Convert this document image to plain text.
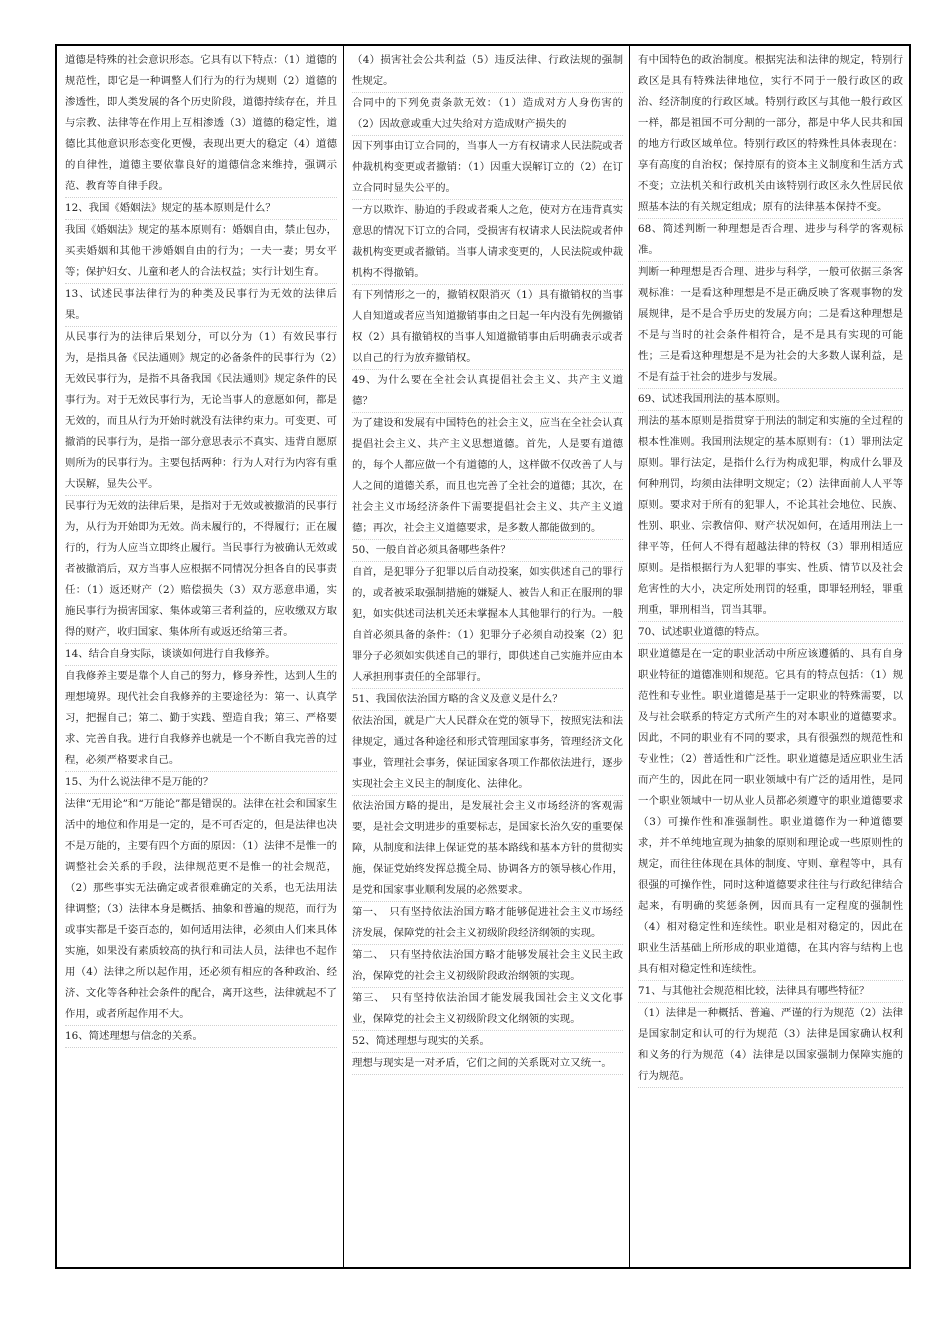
道德是特殊的社会意识形态。它具有以下特点：（1）道德的规范性，即它是一种调整人们行为的行为规则（2）道德的渗透性，即人类发展的各个历史阶段，道德持续存在，并且与宗教、法律等在作用上互相渗透（3）道德的稳定性，道德比其他意识形态变化更慢，表现出更大的稳定（4）道德的自律性，道德主要依靠良好的道德信念来维持，强调示范、教育等自律手段。

12、我国《婚姻法》规定的基本原则是什么？

我国《婚姻法》规定的基本原则有：婚姻自由，禁止包办，买卖婚姻和其他干涉婚姻自由的行为；一夫一妻；男女平等；保护妇女、儿童和老人的合法权益；实行计划生育。

13、试述民事法律行为的种类及民事行为无效的法律后果。

从民事行为的法律后果划分，可以分为（1）有效民事行为，是指具备《民法通则》规定的必备条件的民事行为（2）无效民事行为，是指不具备我国《民法通则》规定条件的民事行为。对于无效民事行为，无论当事人的意愿如何，都是无效的，而且从行为开始时就没有法律约束力。可变更、可撤消的民事行为，是指一部分意思表示不真实、违背自愿原则所为的民事行为。主要包括两种：行为人对行为内容有重大误解，显失公平。

民事行为无效的法律后果，是指对于无效或被撤消的民事行为，从行为开始即为无效。尚未履行的，不得履行；正在履行的，行为人应当立即终止履行。当民事行为被确认无效或者被撤消后，双方当事人应根据不同情况分担各自的民事责任：（1）返还财产（2）赔偿损失（3）双方恶意串通，实施民事行为损害国家、集体或第三者利益的，应收缴双方取得的财产，收归国家、集体所有或返还给第三者。

14、结合自身实际，谈谈如何进行自我修养。

自我修养主要是靠个人自己的努力，修身养性，达到人生的理想境界。现代社会自我修养的主要途径为：第一、认真学习，把握自己；第二、勤于实践、塑造自我；第三、严格要求、完善自我。进行自我修养也就是一个不断自我完善的过程，必须严格要求自己。

15、为什么说法律不是万能的？

法律“无用论”和“万能论”都是错误的。法律在社会和国家生活中的地位和作用是一定的，是不可否定的，但是法律也决不是万能的，主要有四个方面的原因：（1）法律不是惟一的调整社会关系的手段，法律规范更不是惟一的社会规范，（2）那些事实无法确定或者很难确定的关系，也无法用法律调整；（3）法律本身是概括、抽象和普遍的规范，而行为或事实都是千姿百态的，如何适用法律，必须由人们来具体实施，如果没有素质较高的执行和司法人员，法律也不起作用（4）法律之所以起作用，还必须有相应的各种政治、经济、文化等各种社会条件的配合，离开这些，法律就起不了作用，或者所起作用不大。

16、简述理想与信念的关系。

（4）损害社会公共利益（5）违反法律、行政法规的强制性规定。

合同中的下列免责条款无效：（1）造成对方人身伤害的（2）因故意或重大过失给对方造成财产损失的

因下列事由订立合同的，当事人一方有权请求人民法院或者仲裁机构变更或者撤销：（1）因重大误解订立的（2）在订立合同时显失公平的。

一方以欺诈、胁迫的手段或者乘人之危，使对方在违背真实意思的情况下订立的合同，受损害有权请求人民法院或者仲裁机构变更或者撤销。当事人请求变更的，人民法院或仲裁机构不得撤销。

有下列情形之一的，撤销权限消灭（1）具有撤销权的当事人自知道或者应当知道撤销事由之日起一年内没有先例撤销权（2）具有撤销权的当事人知道撤销事由后明确表示或者以自己的行为放弃撤销权。

49、为什么要在全社会认真提倡社会主义、共产主义道德？

为了建设和发展有中国特色的社会主义，应当在全社会认真提倡社会主义、共产主义思想道德。首先，人是要有道德的，每个人都应做一个有道德的人，这样做不仅改善了人与人之间的道德关系，而且也完善了全社会的道德；其次，在社会主义市场经济条件下需要提倡社会主义、共产主义道德；再次，社会主义道德要求，是多数人都能做到的。

50、一般自首必须具备哪些条件？

自首，是犯罪分子犯罪以后自动投案，如实供述自己的罪行的，或者被采取强制措施的嫌疑人、被告人和正在服刑的罪犯，如实供述司法机关还未掌握本人其他罪行的行为。一般自首必须具备的条件：（1）犯罪分子必须自动投案（2）犯罪分子必须如实供述自己的罪行，即供述自己实施并应由本人承担刑事责任的全部罪行。

51、我国依法治国方略的含义及意义是什么？

依法治国，就是广大人民群众在党的领导下，按照宪法和法律规定，通过各种途径和形式管理国家事务，管理经济文化事业，管理社会事务，保证国家各项工作都依法进行，逐步实现社会主义民主的制度化、法律化。

依法治国方略的提出，是发展社会主义市场经济的客观需要，是社会文明进步的重要标志，是国家长治久安的重要保障，从制度和法律上保证党的基本路线和基本方针的贯彻实施，保证党始终发挥总揽全局、协调各方的领导核心作用，是党和国家事业顺利发展的必然要求。

第一、　只有坚持依法治国方略才能够促进社会主义市场经济发展，保障党的社会主义初级阶段经济纲领的实现。

第二、　只有坚持依法治国方略才能够发展社会主义民主政治，保障党的社会主义初级阶段政治纲领的实现。

第三、　只有坚持依法治国才能发展我国社会主义文化事业，保障党的社会主义初级阶段文化纲领的实现。

52、简述理想与现实的关系。

理想与现实是一对矛盾，它们之间的关系既对立又统一。

有中国特色的政治制度。根据宪法和法律的规定，特别行政区是具有特殊法律地位，实行不同于一般行政区的政治、经济制度的行政区域。特别行政区与其他一般行政区一样，都是祖国不可分割的一部分，都是中华人民共和国的地方行政区域单位。特别行政区的特殊性具体表现在：享有高度的自治权；保持原有的资本主义制度和生活方式不变；立法机关和行政机关由该特别行政区永久性居民依照基本法的有关规定组成；原有的法律基本保持不变。

68、简述判断一种理想是否合理、进步与科学的客观标准。

判断一种理想是否合理、进步与科学，一般可依据三条客观标准：一是看这种理想是不是正确反映了客观事物的发展规律，是不是合乎历史的发展方向；二是看这种理想是不是与当时的社会条件相符合，是不是具有实现的可能性；三是看这种理想是不是为社会的大多数人谋利益，是不是有益于社会的进步与发展。

69、试述我国刑法的基本原则。

刑法的基本原则是指贯穿于刑法的制定和实施的全过程的根本性准则。我国刑法规定的基本原则有：（1）罪刑法定原则。罪行法定，是指什么行为构成犯罪，构成什么罪及何种刑罚，均须由法律明文规定；（2）法律面前人人平等原则。要求对于所有的犯罪人，不论其社会地位、民族、性别、职业、宗教信仰、财产状况如何，在适用刑法上一律平等，任何人不得有超越法律的特权（3）罪刑相适应原则。是指根据行为人犯罪的事实、性质、情节以及社会危害性的大小，决定所处刑罚的轻重，即罪轻刑轻，罪重刑重，罪刑相当，罚当其罪。

70、试述职业道德的特点。

职业道德是在一定的职业活动中所应该遵循的、具有自身职业特征的道德准则和规范。它具有的特点包括：（1）规范性和专业性。职业道德是基于一定职业的特殊需要，以及与社会联系的特定方式所产生的对本职业的道德要求。因此，不同的职业有不同的要求，具有很强烈的规范性和专业性；（2）普适性和广泛性。职业道德是适应职业生活而产生的，因此在同一职业领域中有广泛的适用性，是同一个职业领域中一切从业人员都必须遵守的职业道德要求（3）可操作性和准强制性。职业道德作为一种道德要求，并不单纯地宣现为抽象的原则和理论或一些原则性的规定，而往往体现在具体的制度、守则、章程等中，具有很强的可操作性，同时这种道德要求往往与行政纪律结合起来，有明确的奖惩条例，因而具有一定程度的强制性（4）相对稳定性和连续性。职业是相对稳定的，因此在职业生活基础上所形成的职业道德，在其内容与结构上也具有相对稳定性和连续性。

71、与其他社会规范相比较，法律具有哪些特征？

（1）法律是一种概括、普遍、严谨的行为规范（2）法律是国家制定和认可的行为规范（3）法律是国家确认权利和义务的行为规范（4）法律是以国家强制力保障实施的行为规范。
